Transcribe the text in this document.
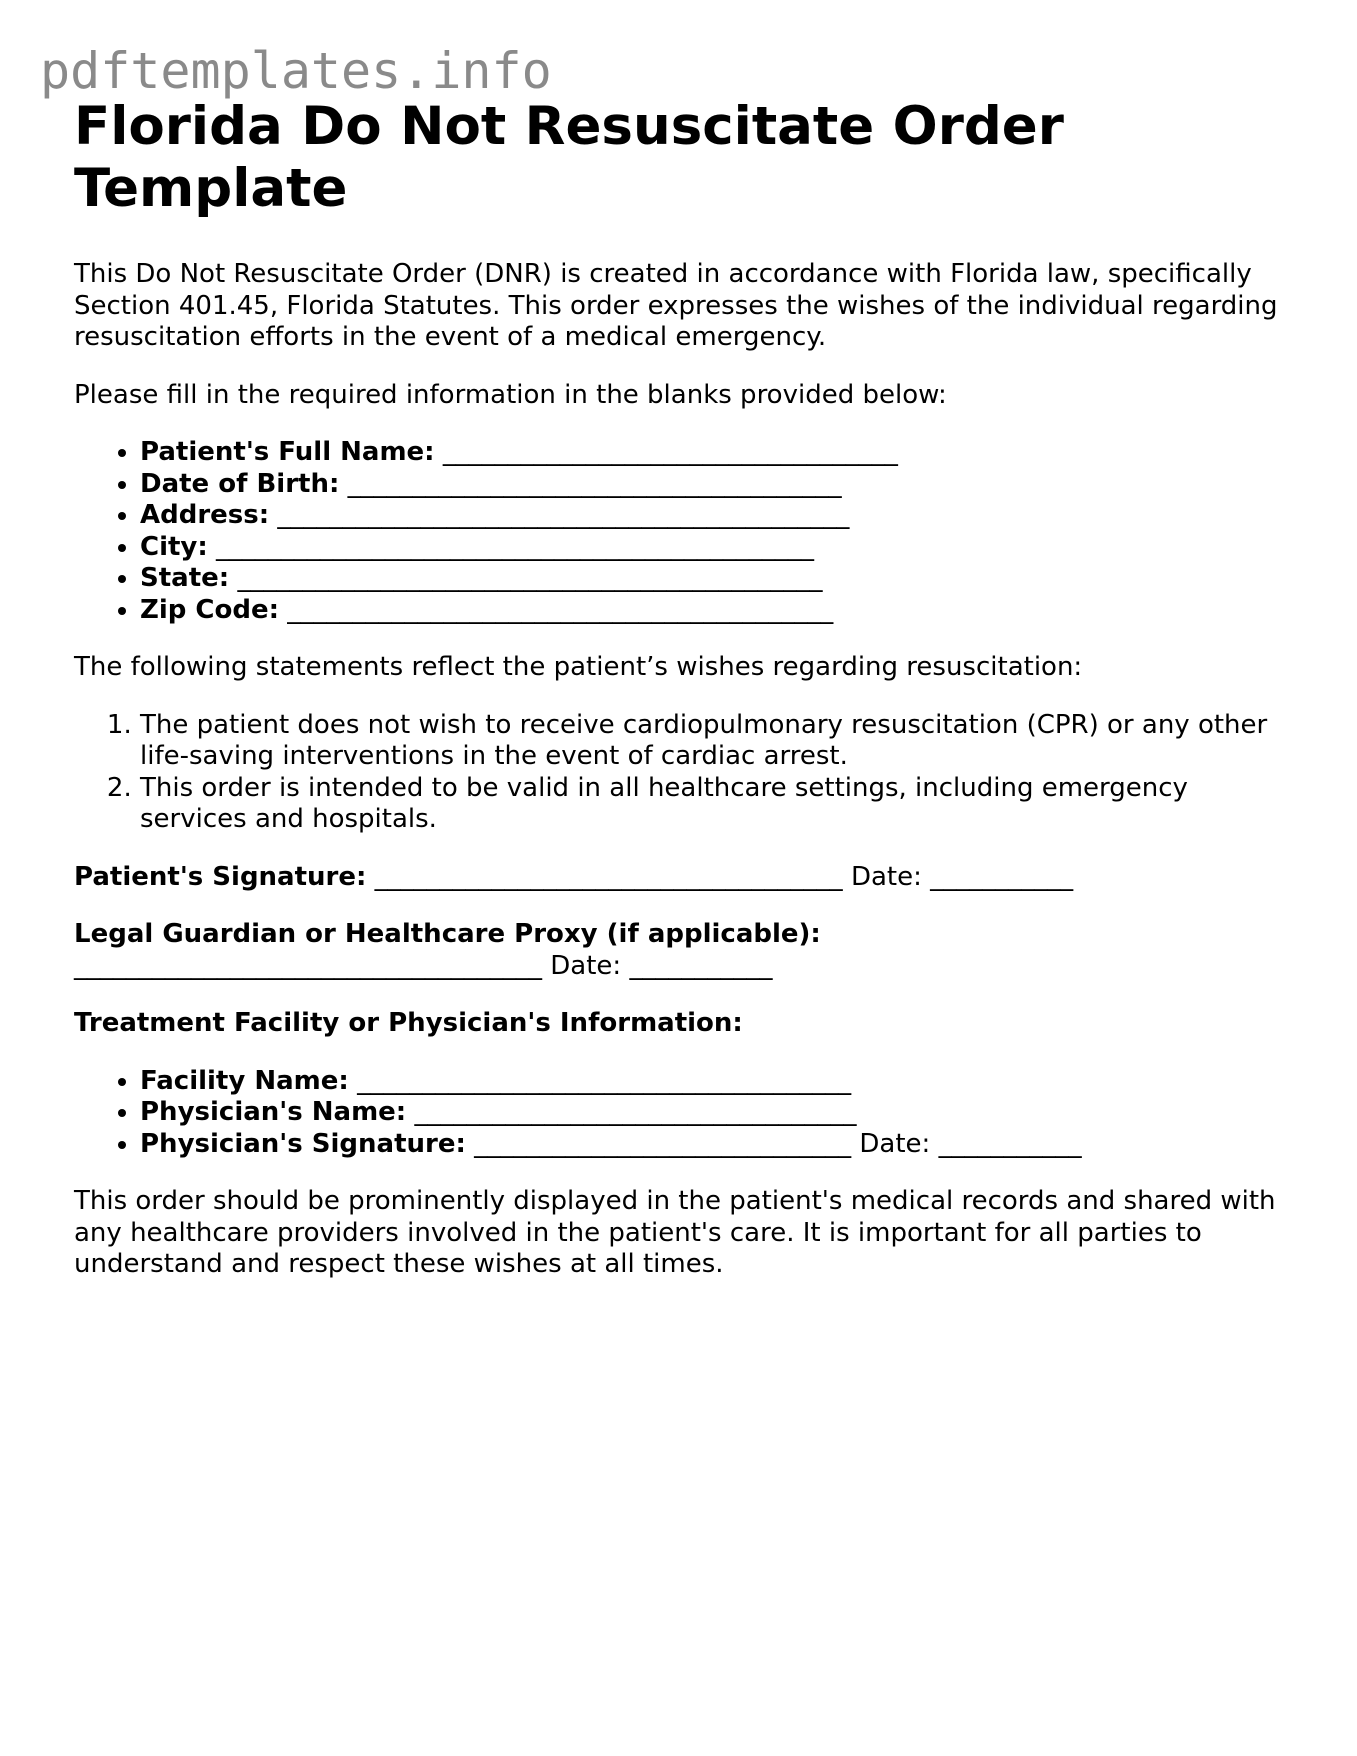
pdftemplates.info
Florida Do Not Resuscitate Order Template

This Do Not Resuscitate Order (DNR) is created in accordance with Florida law, specifically Section 401.45, Florida Statutes. This order expresses the wishes of the individual regarding resuscitation efforts in the event of a medical emergency.

Please fill in the required information in the blanks provided below:

• Patient's Full Name: ___________________________________
• Date of Birth: ______________________________________
• Address: ____________________________________________
• City: ______________________________________________
• State: _____________________________________________
• Zip Code: __________________________________________

The following statements reflect the patient’s wishes regarding resuscitation:

1. The patient does not wish to receive cardiopulmonary resuscitation (CPR) or any other life-saving interventions in the event of cardiac arrest.
2. This order is intended to be valid in all healthcare settings, including emergency services and hospitals.

Patient's Signature: ____________________________________ Date: ___________

Legal Guardian or Healthcare Proxy (if applicable):

____________________________________ Date: ___________

Treatment Facility or Physician's Information:

• Facility Name: ______________________________________
• Physician's Name: __________________________________
• Physician's Signature: _____________________________ Date: ___________

This order should be prominently displayed in the patient's medical records and shared with any healthcare providers involved in the patient's care. It is important for all parties to understand and respect these wishes at all times.
